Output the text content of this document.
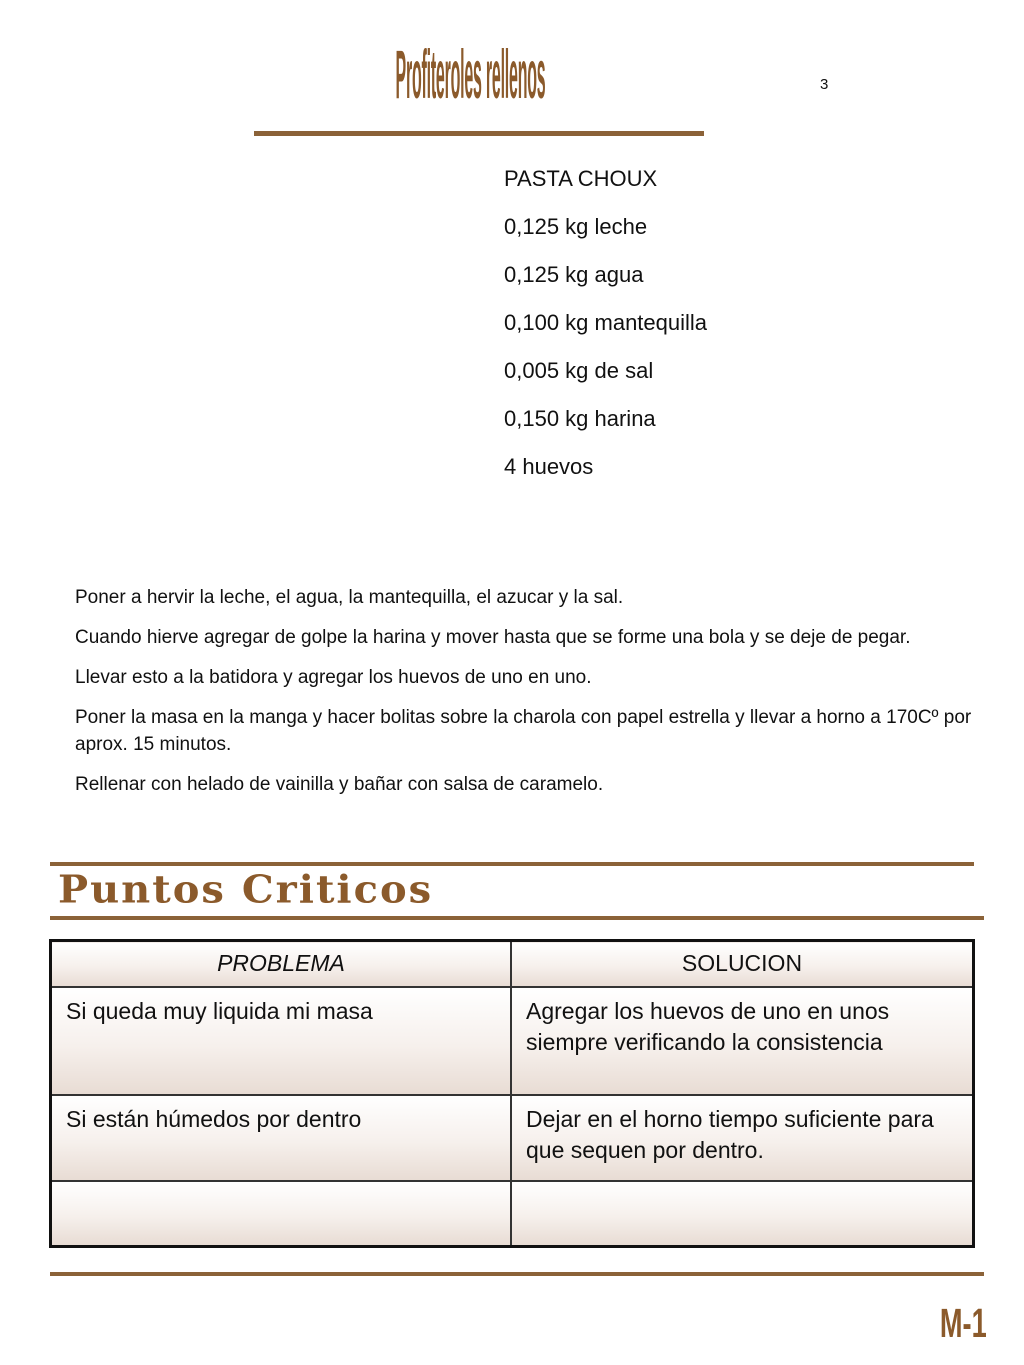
Profiteroles rellenos	3
PASTA CHOUX
0,125 kg leche
0,125 kg agua
0,100 kg mantequilla
0,005 kg de sal
0,150 kg harina
4 huevos

Poner a hervir la leche, el agua, la mantequilla, el azucar y la sal.

Cuando hierve agregar de golpe la harina y mover hasta que se forme una bola y se deje de pegar.

Llevar esto a la batidora y agregar los huevos de uno en uno.

Poner la masa en la manga y hacer bolitas sobre la charola con papel estrella y llevar a horno a 170Cº por aprox. 15 minutos.

Rellenar con helado de vainilla y bañar con salsa de caramelo.

Puntos Criticos
PROBLEMA	SOLUCION
Si queda muy liquida mi masa	Agregar los huevos de uno en unos siempre verificando la consistencia
Si están húmedos por dentro	Dejar en el horno tiempo suficiente para que sequen por dentro.

M-1
